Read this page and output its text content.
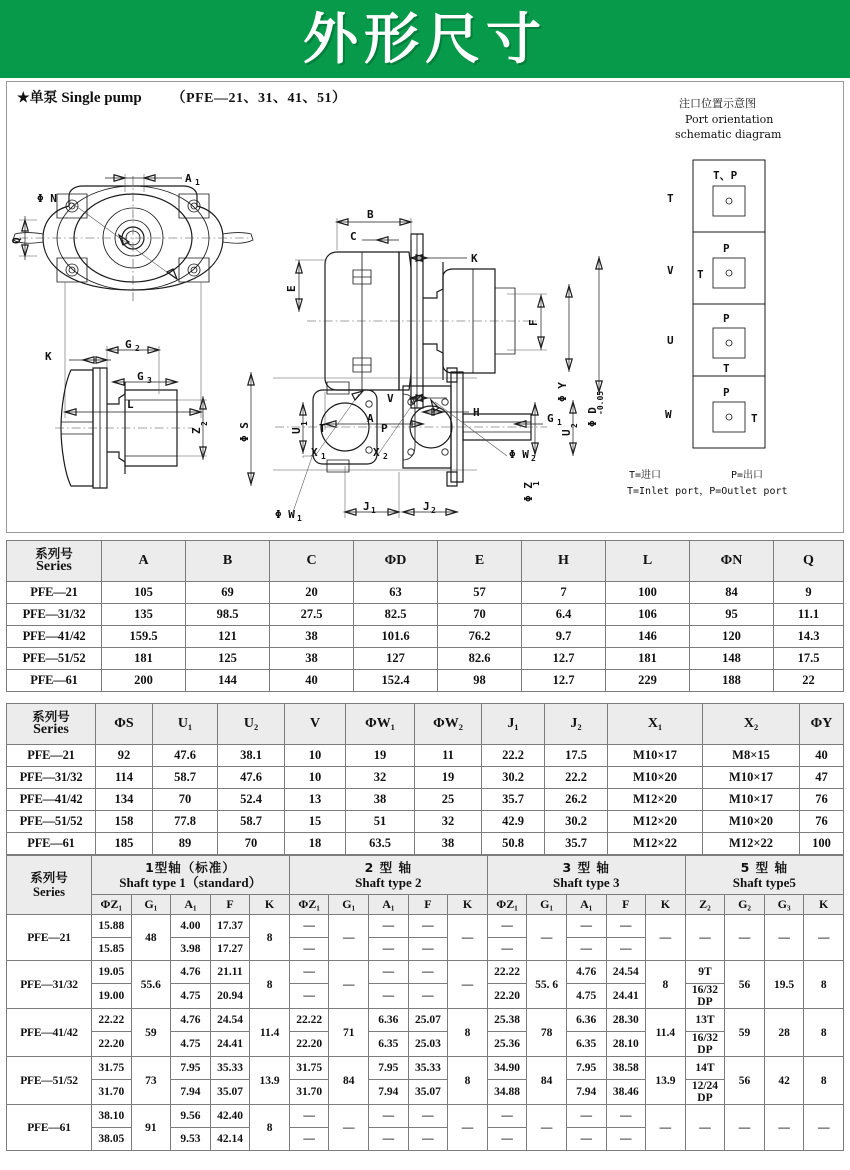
外形尺寸
★单泵 Single pump （PFE—21、31、41、51）
Φ N
A 1
Q
L
B
C
K
E
F
Φ Y
Φ D
-0.05
V
H
A	G 1
K
G 2
G 3
Z
2	Φ S	T	P
X 1	X 2	Φ W 2
Φ W 1
U
1
U
2
Φ Z
1
J 1	J 2
注口位置示意图
Port orientation
schematic diagram
T
T、P
V
P
T
U
P
T
W
P
T
T=进口	P=出口
T=Inlet port，P=Outlet port
系列号
Series	A	B	C	ΦD	E	H	L	ΦN	Q
PFE—21	105	69	20	63	57	7	100	84	9
PFE—31/32	135	98.5	27.5	82.5	70	6.4	106	95	11.1
PFE—41/42	159.5	121	38	101.6	76.2	9.7	146	120	14.3
PFE—51/52	181	125	38	127	82.6	12.7	181	148	17.5
PFE—61	200	144	40	152.4	98	12.7	229	188	22
系列号
Series	ΦS	U₁	U₂	V	ΦW₁	ΦW₂	J₁	J₂	X₁	X₂	ΦY
PFE—21	92	47.6	38.1	10	19	11	22.2	17.5	M10×17	M8×15	40
PFE—31/32	114	58.7	47.6	10	32	19	30.2	22.2	M10×20	M10×17	47
PFE—41/42	134	70	52.4	13	38	25	35.7	26.2	M12×20	M10×17	76
PFE—51/52	158	77.8	58.7	15	51	32	42.9	30.2	M12×20	M10×20	76
PFE—61	185	89	70	18	63.5	38	50.8	35.7	M12×22	M12×22	100
系列号
Series

1型轴（标准）
Shaft type 1（standard）

2 型 轴
Shaft type 2

3 型 轴
Shaft type 3

5 型 轴
Shaft type5

	ΦZ₁	G₁	A₁	F	K	ΦZ₁	G₁	A₁	F	K	ΦZ₁	G₁	A₁	F	K	Z₂	G₂	G₃	K
PFE—21	15.88	48	4.00	17.37	8	—	—	—	—	—	—	—	—	—	—	—	—	—	—
	15.85		3.98	17.27		—		—	—		—		—	—					
PFE—31/32	19.05	55.6	4.76	21.11	8	—	—	—	—	—	22.22	55. 6	4.76	24.54	8	9T	56	19.5	8
	19.00		4.75	20.94		—		—	—		22.20		4.75	24.41		16/32 DP			
PFE—41/42	22.22	59	4.76	24.54	11.4	22.22	71	6.36	25.07	8	25.38	78	6.36	28.30	11.4	13T	59	28	8
	22.20		4.75	24.41		22.20		6.35	25.03		25.36		6.35	28.10		16/32 DP			
PFE—51/52	31.75	73	7.95	35.33	13.9	31.75	84	7.95	35.33	8	34.90	84	7.95	38.58	13.9	14T	56	42	8
	31.70		7.94	35.07		31.70		7.94	35.07		34.88		7.94	38.46		12/24 DP			
PFE—61	38.10	91	9.56	42.40	8	—	—	—	—	—	—	—	—	—	—	—	—	—	—
	38.05		9.53	42.14		—		—	—		—		—	—					
